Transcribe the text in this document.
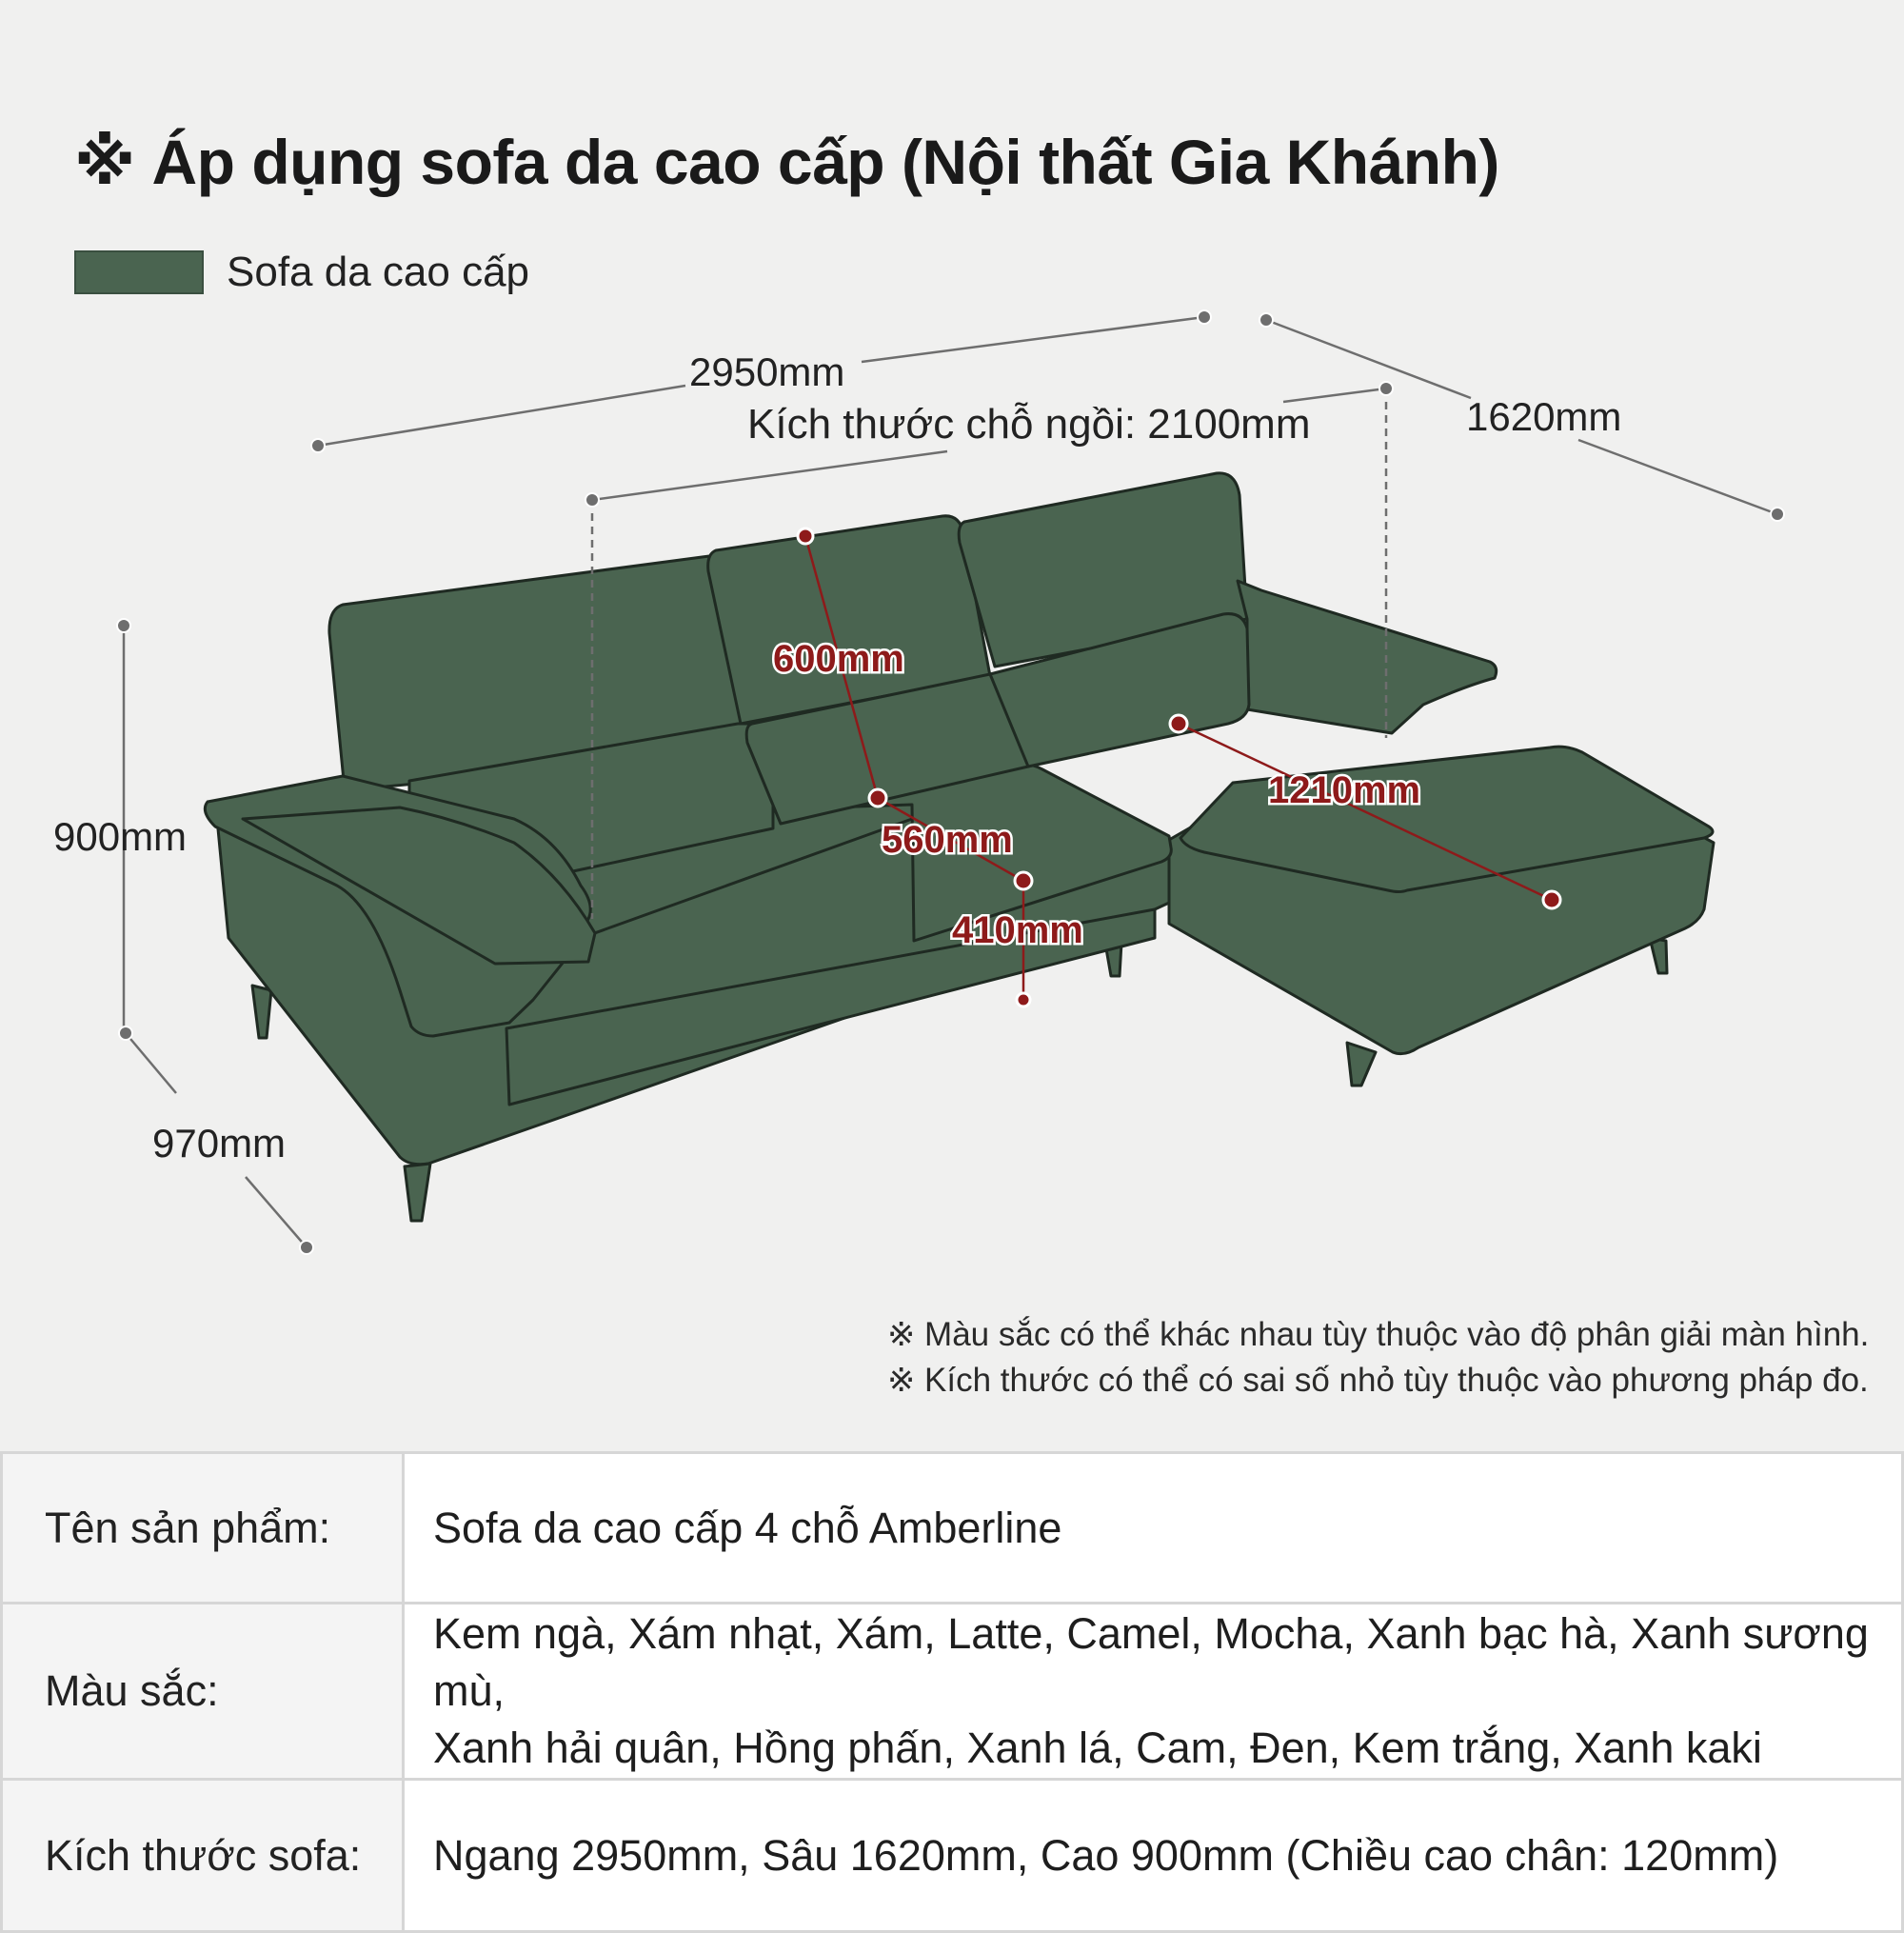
※ Áp dụng sofa da cao cấp (Nội thất Gia Khánh)
Sofa da cao cấp
2950mm
Kích thước chỗ ngồi: 2100mm	1620mm
900mm
970mm
600mm
560mm
410mm
1210mm
※ Màu sắc có thể khác nhau tùy thuộc vào độ phân giải màn hình.
※ Kích thước có thể có sai số nhỏ tùy thuộc vào phương pháp đo.
Tên sản phẩm:	Sofa da cao cấp 4 chỗ Amberline
Màu sắc:	Kem ngà, Xám nhạt, Xám, Latte, Camel, Mocha, Xanh bạc hà, Xanh sương mù,
Xanh hải quân, Hồng phấn, Xanh lá, Cam, Đen, Kem trắng, Xanh kaki

Kích thước sofa:	Ngang 2950mm, Sâu 1620mm, Cao 900mm (Chiều cao chân: 120mm)
